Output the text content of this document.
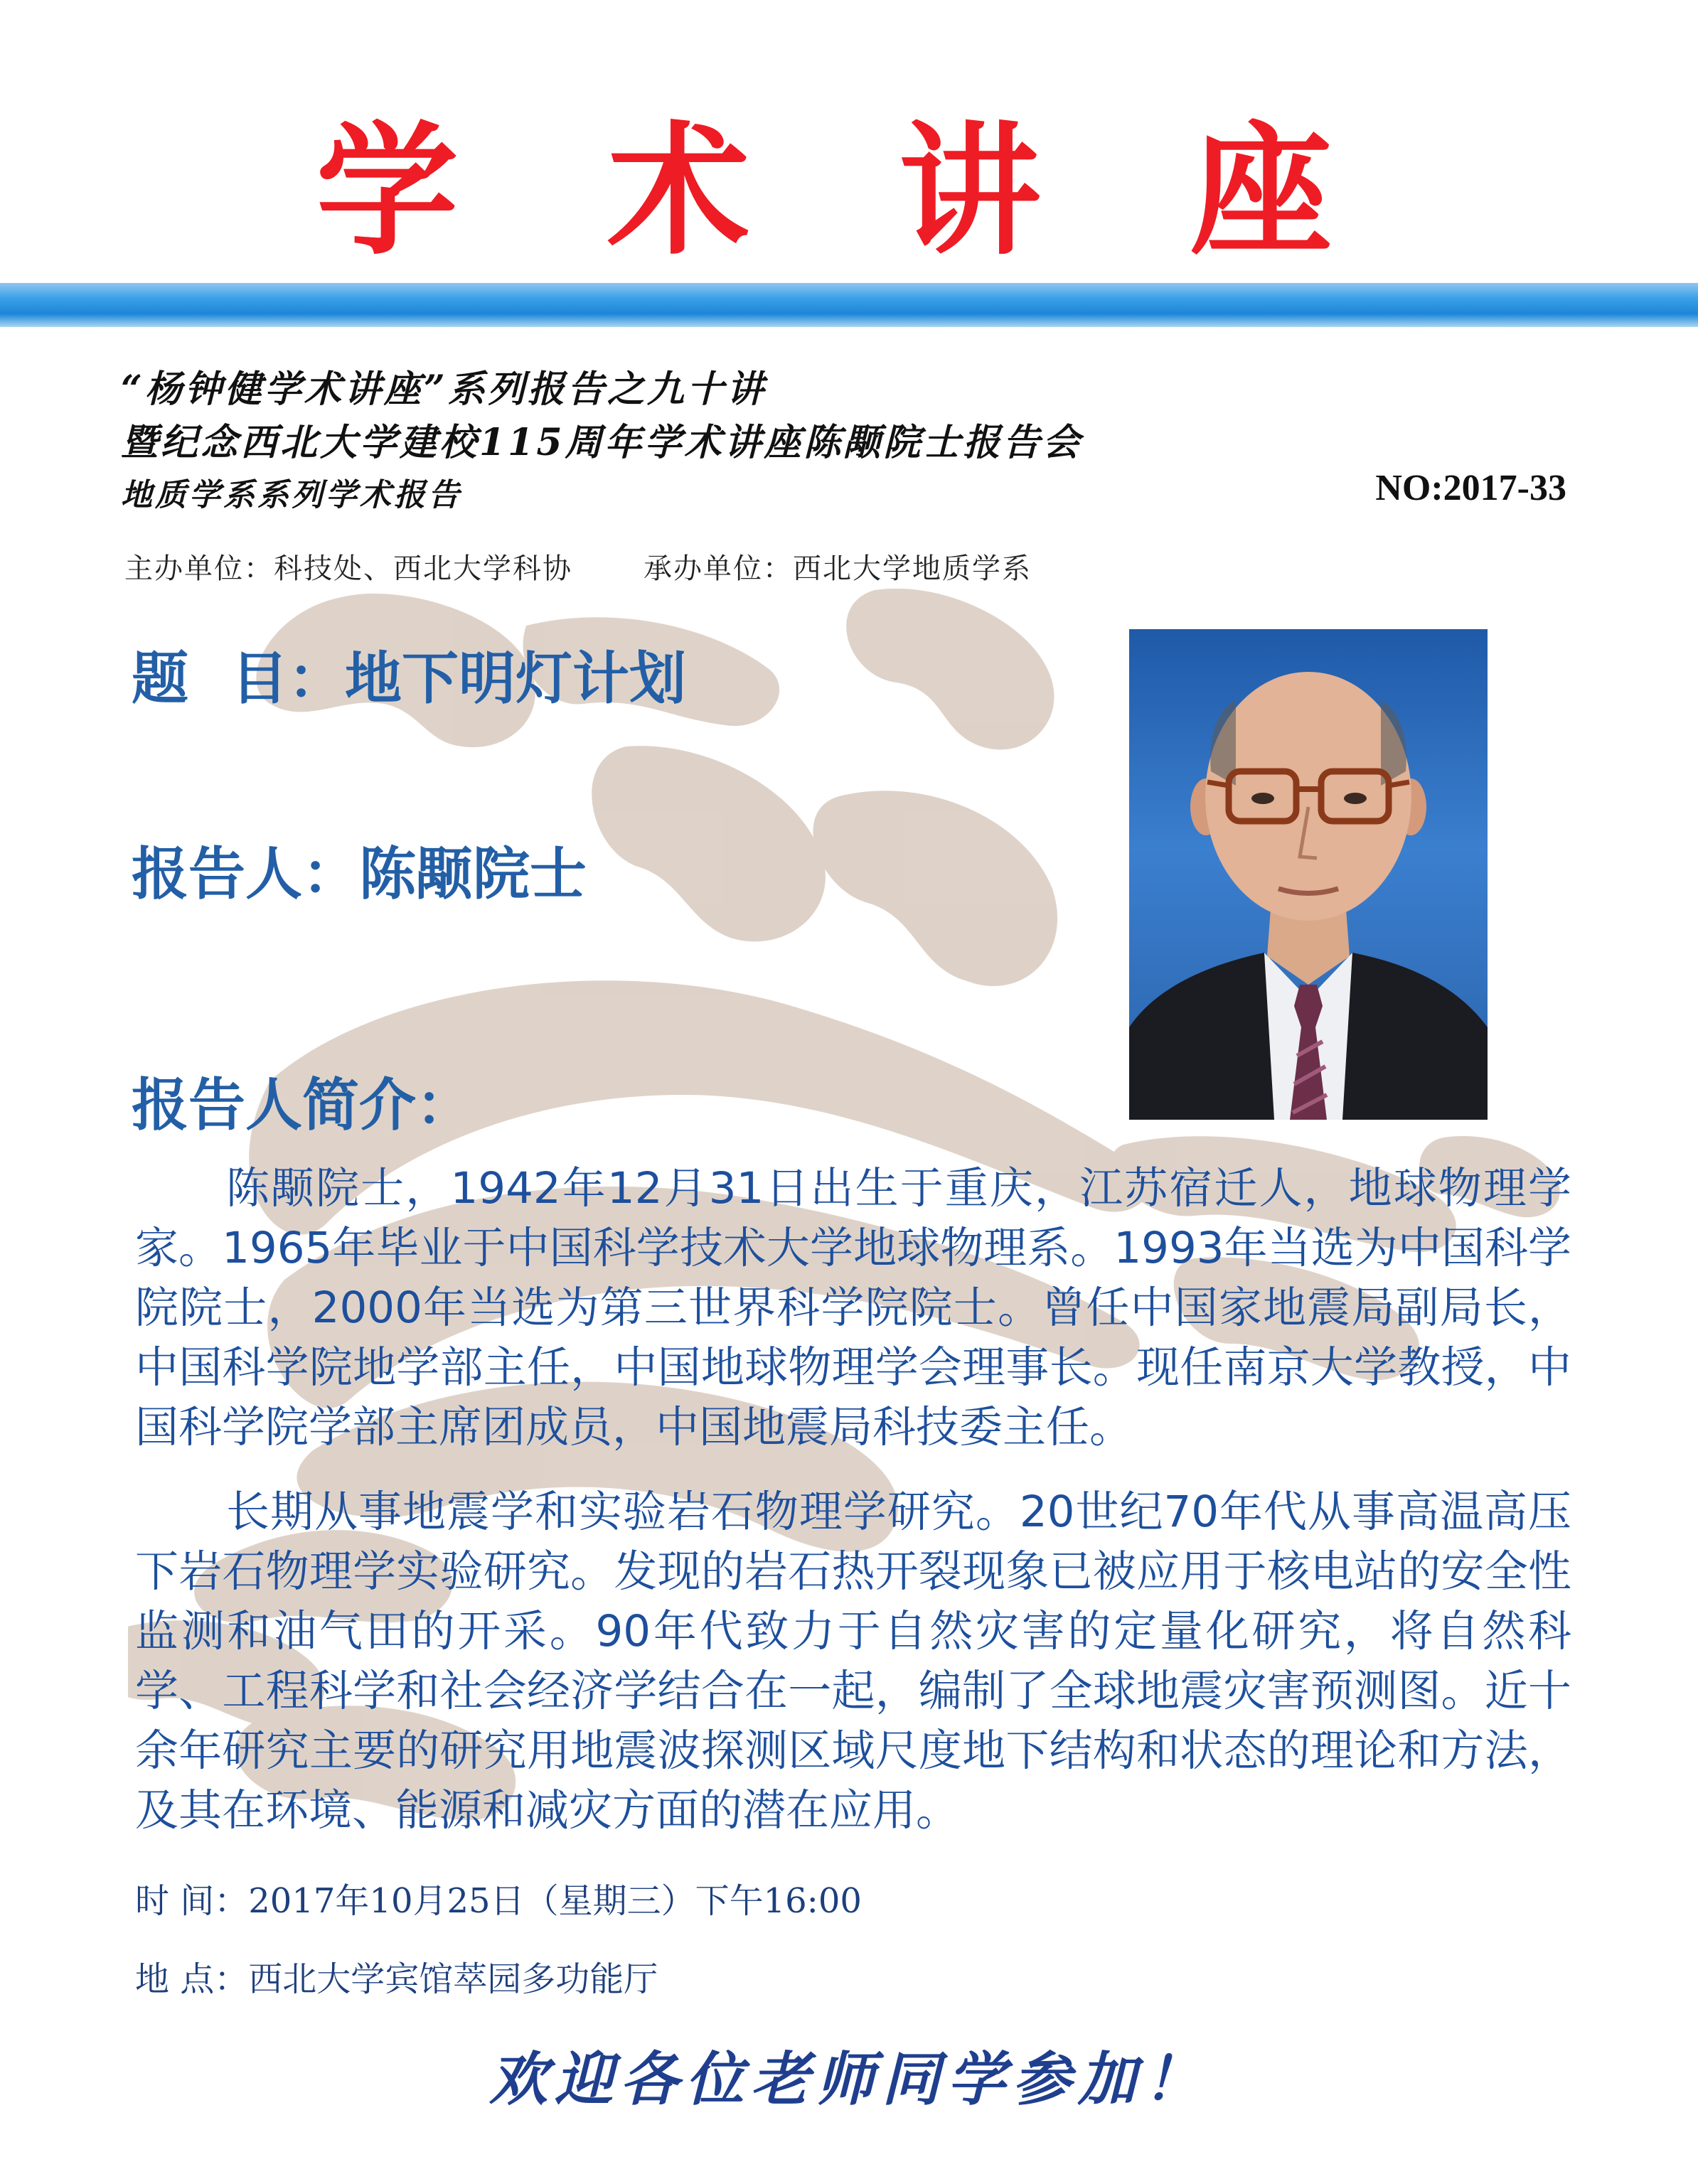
学 术 讲 座
“杨钟健学术讲座”系列报告之九十讲
暨纪念西北大学建校115周年学术讲座陈颙院士报告会
地质学系系列学术报告	NO:2017-33
主办单位：科技处、西北大学科协	承办单位：西北大学地质学系
题 目：地下明灯计划
报告人：陈颙院士
报告人简介：
陈颙院士，1942年12月31日出生于重庆，江苏宿迁人，地球物理学家。1965年毕业于中国科学技术大学地球物理系。1993年当选为中国科学院院士，2000年当选为第三世界科学院院士。曾任中国家地震局副局长，中国科学院地学部主任，中国地球物理学会理事长。现任南京大学教授，中国科学院学部主席团成员，中国地震局科技委主任。
长期从事地震学和实验岩石物理学研究。20世纪70年代从事高温高压下岩石物理学实验研究。发现的岩石热开裂现象已被应用于核电站的安全性监测和油气田的开采。90年代致力于自然灾害的定量化研究，将自然科学、工程科学和社会经济学结合在一起，编制了全球地震灾害预测图。近十余年研究主要的研究用地震波探测区域尺度地下结构和状态的理论和方法，及其在环境、能源和减灾方面的潜在应用。
时 间：2017年10月25日（星期三）下午16:00
地 点：西北大学宾馆萃园多功能厅
欢迎各位老师同学参加！
